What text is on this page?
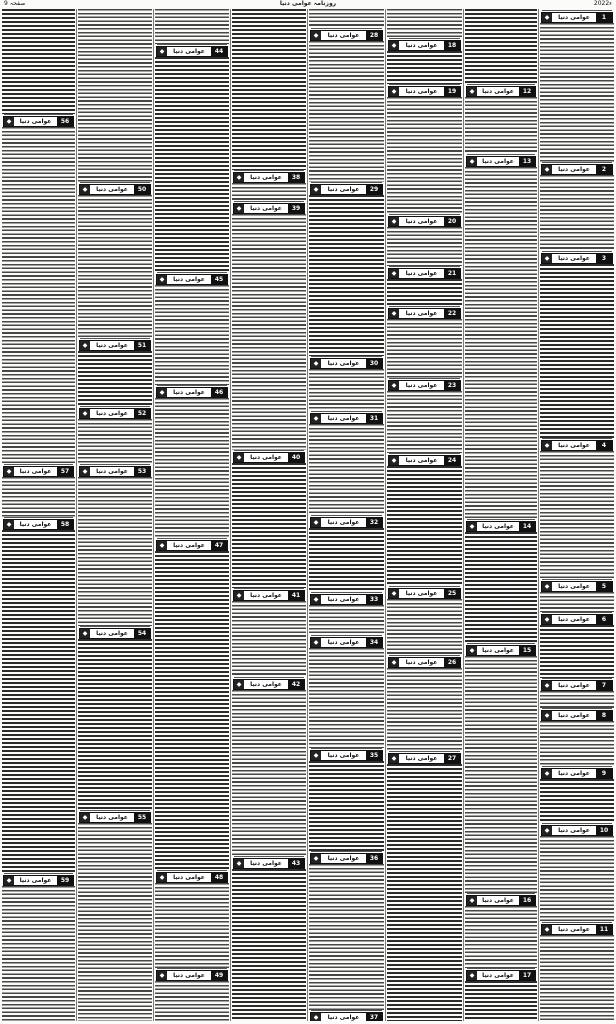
صفحہ 9	روزنامہ عوامی دنیا	2022ء
◆	عوامی دنیا	56
◆	عوامی دنیا	57
◆	عوامی دنیا	58
◆	عوامی دنیا	59
◆	عوامی دنیا	50
◆	عوامی دنیا	51
◆	عوامی دنیا	52
◆	عوامی دنیا	53
◆	عوامی دنیا	54
◆	عوامی دنیا	55
◆	عوامی دنیا	44
◆	عوامی دنیا	45
◆	عوامی دنیا	46
◆	عوامی دنیا	47
◆	عوامی دنیا	48
◆	عوامی دنیا	49
◆	عوامی دنیا	38
◆	عوامی دنیا	39
◆	عوامی دنیا	40
◆	عوامی دنیا	41
◆	عوامی دنیا	42
◆	عوامی دنیا	43
◆	عوامی دنیا	28
◆	عوامی دنیا	29
◆	عوامی دنیا	30
◆	عوامی دنیا	31
◆	عوامی دنیا	32
◆	عوامی دنیا	33
◆	عوامی دنیا	34
◆	عوامی دنیا	35
◆	عوامی دنیا	36
◆	عوامی دنیا	37
◆	عوامی دنیا	18
◆	عوامی دنیا	19
◆	عوامی دنیا	20
◆	عوامی دنیا	21
◆	عوامی دنیا	22
◆	عوامی دنیا	23
◆	عوامی دنیا	24
◆	عوامی دنیا	25
◆	عوامی دنیا	26
◆	عوامی دنیا	27
◆	عوامی دنیا	12
◆	عوامی دنیا	13
◆	عوامی دنیا	14
◆	عوامی دنیا	15
◆	عوامی دنیا	16
◆	عوامی دنیا	17
◆	عوامی دنیا	1
◆	عوامی دنیا	2
◆	عوامی دنیا	3
◆	عوامی دنیا	4
◆	عوامی دنیا	5
◆	عوامی دنیا	6
◆	عوامی دنیا	7
◆	عوامی دنیا	8
◆	عوامی دنیا	9
◆	عوامی دنیا	10
◆	عوامی دنیا	11
